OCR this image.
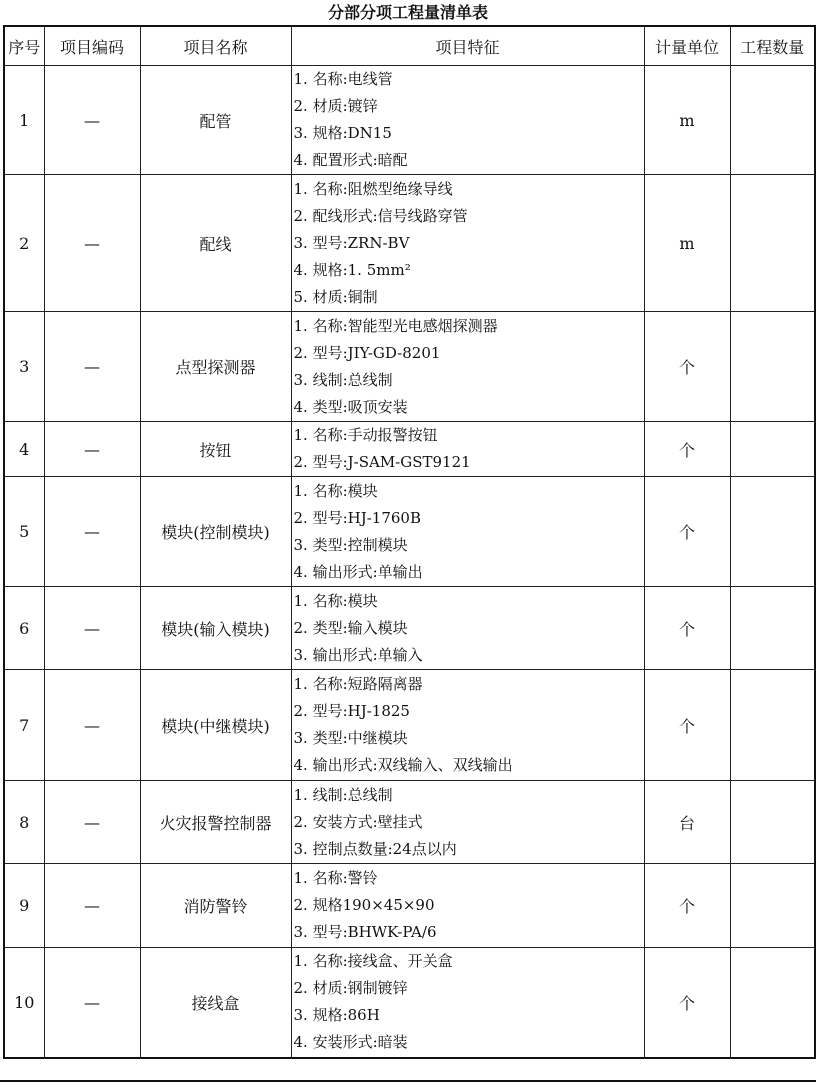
分部分项工程量清单表
序号	项目编码	项目名称	项目特征	计量单位	工程数量
1	—	配管	1. 名称:电线管
2. 材质:镀锌
3. 规格:DN15
4. 配置形式:暗配	m	
2	—	配线	1. 名称:阻燃型绝缘导线
2. 配线形式:信号线路穿管
3. 型号:ZRN-BV
4. 规格:1. 5mm²
5. 材质:铜制	m	
3	—	点型探测器	1. 名称:智能型光电感烟探测器
2. 型号:JIY-GD-8201
3. 线制:总线制
4. 类型:吸顶安装	个	
4	—	按钮	1. 名称:手动报警按钮
2. 型号:J-SAM-GST9121	个	
5	—	模块(控制模块)	1. 名称:模块
2. 型号:HJ-1760B
3. 类型:控制模块
4. 输出形式:单输出	个	
6	—	模块(输入模块)	1. 名称:模块
2. 类型:输入模块
3. 输出形式:单输入	个	
7	—	模块(中继模块)	1. 名称:短路隔离器
2. 型号:HJ-1825
3. 类型:中继模块
4. 输出形式:双线输入、双线输出	个	
8	—	火灾报警控制器	1. 线制:总线制
2. 安装方式:壁挂式
3. 控制点数量:24点以内	台	
9	—	消防警铃	1. 名称:警铃
2. 规格190×45×90
3. 型号:BHWK-PA/6	个	
10	—	接线盒	1. 名称:接线盒、开关盒
2. 材质:钢制镀锌
3. 规格:86H
4. 安装形式:暗装	个	
